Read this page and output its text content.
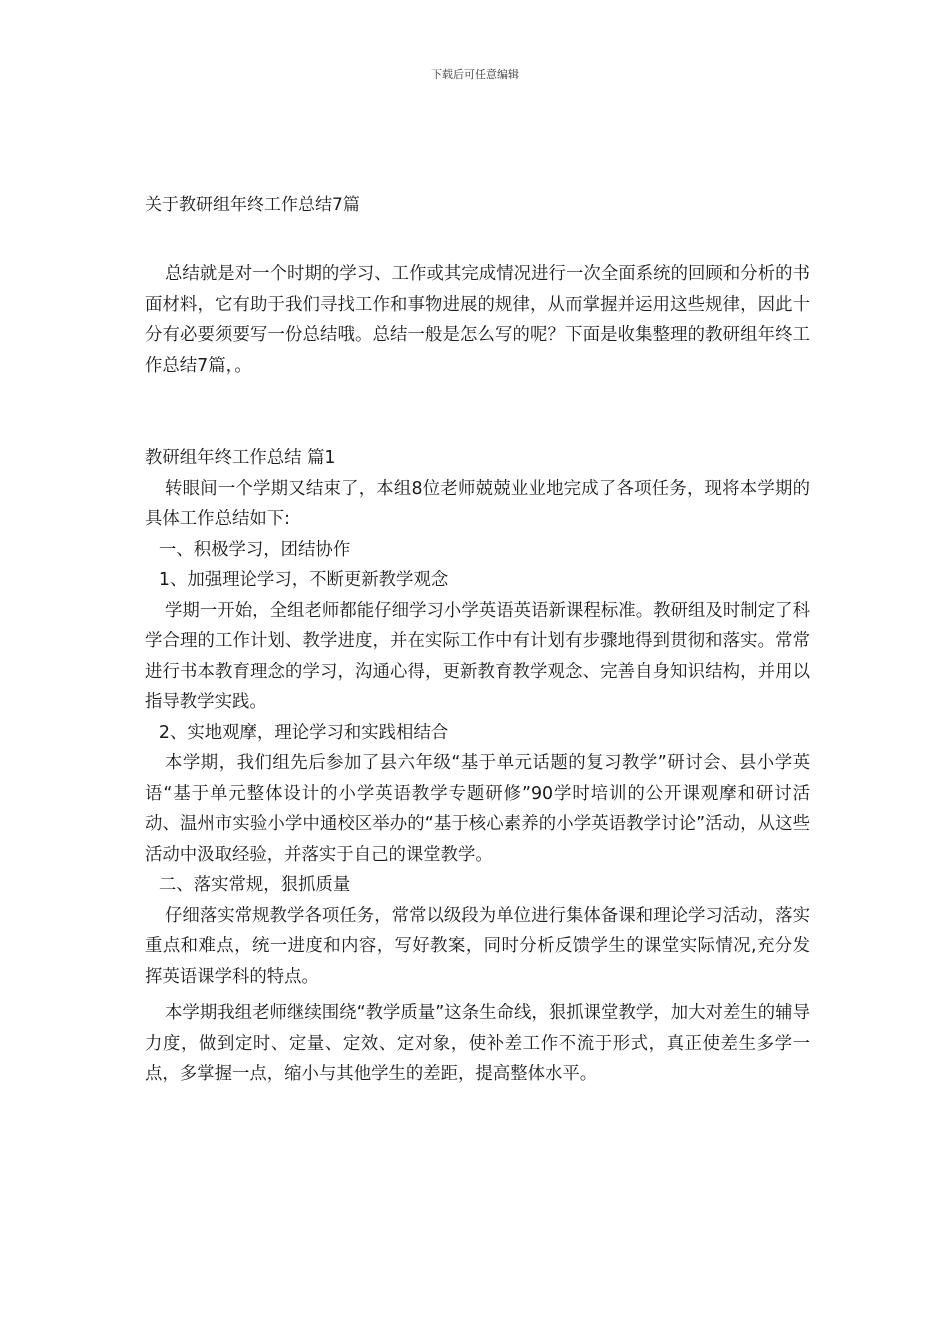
下载后可任意编辑
关于教研组年终工作总结7篇

总结就是对一个时期的学习、工作或其完成情况进行一次全面系统的回顾和分析的书面材料，它有助于我们寻找工作和事物进展的规律，从而掌握并运用这些规律，因此十分有必要须要写一份总结哦。总结一般是怎么写的呢？下面是收集整理的教研组年终工作总结7篇，。

教研组年终工作总结 篇1

转眼间一个学期又结束了，本组8位老师兢兢业业地完成了各项任务，现将本学期的具体工作总结如下:

一、积极学习，团结协作

1、加强理论学习，不断更新教学观念

学期一开始，全组老师都能仔细学习小学英语英语新课程标准。教研组及时制定了科学合理的工作计划、教学进度，并在实际工作中有计划有步骤地得到贯彻和落实。常常进行书本教育理念的学习，沟通心得，更新教育教学观念、完善自身知识结构，并用以指导教学实践。

2、实地观摩，理论学习和实践相结合

本学期，我们组先后参加了县六年级“基于单元话题的复习教学”研讨会、县小学英语“基于单元整体设计的小学英语教学专题研修”90学时培训的公开课观摩和研讨活动、温州市实验小学中通校区举办的“基于核心素养的小学英语教学讨论”活动，从这些活动中汲取经验，并落实于自己的课堂教学。

二、落实常规，狠抓质量

仔细落实常规教学各项任务，常常以级段为单位进行集体备课和理论学习活动，落实重点和难点，统一进度和内容，写好教案，同时分析反馈学生的课堂实际情况,充分发挥英语课学科的特点。

本学期我组老师继续围绕“教学质量”这条生命线，狠抓课堂教学，加大对差生的辅导力度，做到定时、定量、定效、定对象，使补差工作不流于形式，真正使差生多学一点，多掌握一点，缩小与其他学生的差距，提高整体水平。
